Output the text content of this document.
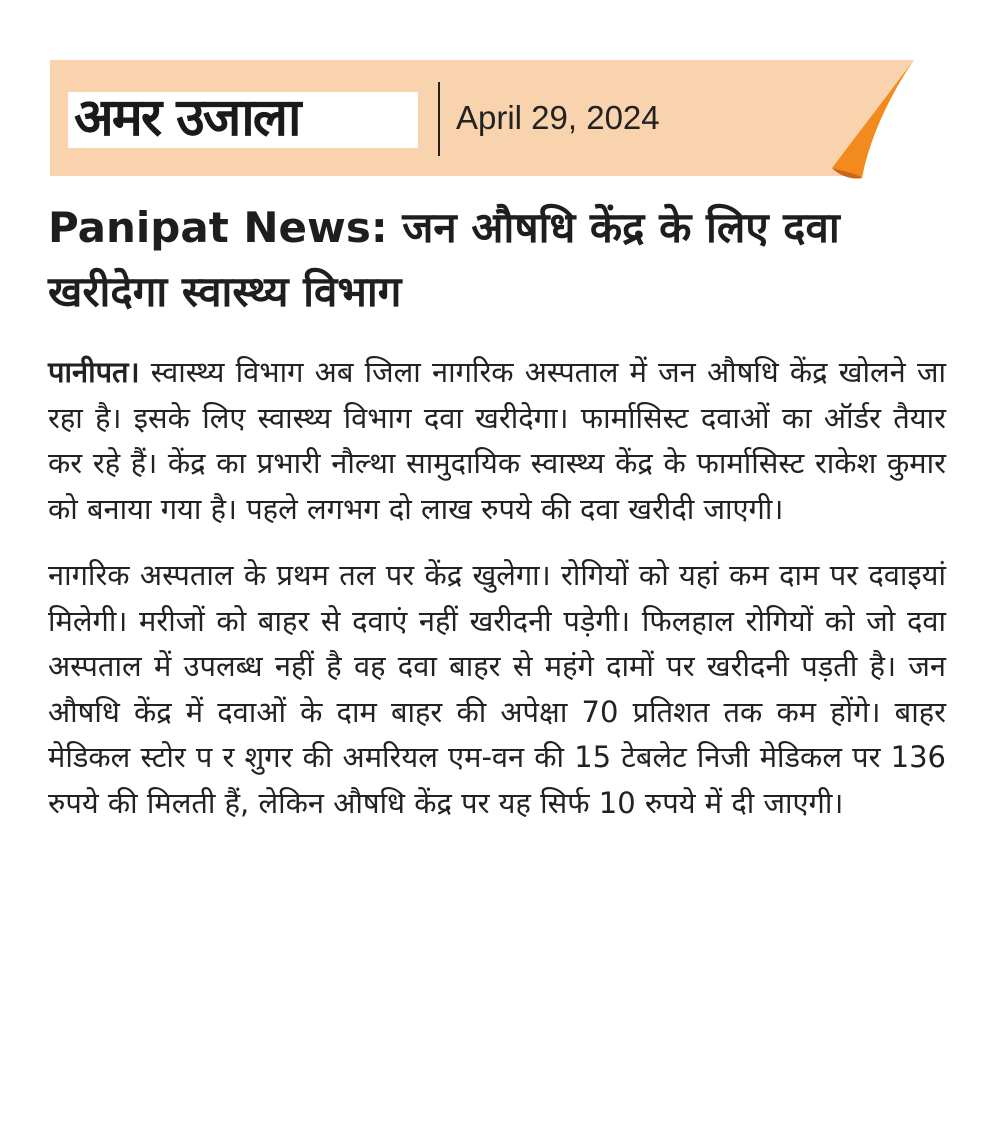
अमर उजाला	April 29, 2024
Panipat News: जन औषधि केंद्र के लिए दवा खरीदेगा स्वास्थ्य विभाग

पानीपत। स्वास्थ्य विभाग अब जिला नागरिक अस्पताल में जन औषधि केंद्र खोलने जा रहा है। इसके लिए स्वास्थ्य विभाग दवा खरीदेगा। फार्मासिस्ट दवाओं का ऑर्डर तैयार कर रहे हैं। केंद्र का प्रभारी नौल्था सामुदायिक स्वास्थ्य केंद्र के फार्मासिस्ट राकेश कुमार को बनाया गया है। पहले लगभग दो लाख रुपये की दवा खरीदी जाएगी।

नागरिक अस्पताल के प्रथम तल पर केंद्र खुलेगा। रोगियों को यहां कम दाम पर दवाइयां मिलेगी। मरीजों को बाहर से दवाएं नहीं खरीदनी पड़ेगी। फिलहाल रोगियों को जो दवा अस्पताल में उपलब्ध नहीं है वह दवा बाहर से महंगे दामों पर खरीदनी पड़ती है। जन औषधि केंद्र में दवाओं के दाम बाहर की अपेक्षा 70 प्रतिशत तक कम होंगे। बाहर मेडिकल स्टोर प र शुगर की अमरियल एम-वन की 15 टेबलेट निजी मेडिकल पर 136 रुपये की मिलती हैं, लेकिन औषधि केंद्र पर यह सिर्फ 10 रुपये में दी जाएगी।
